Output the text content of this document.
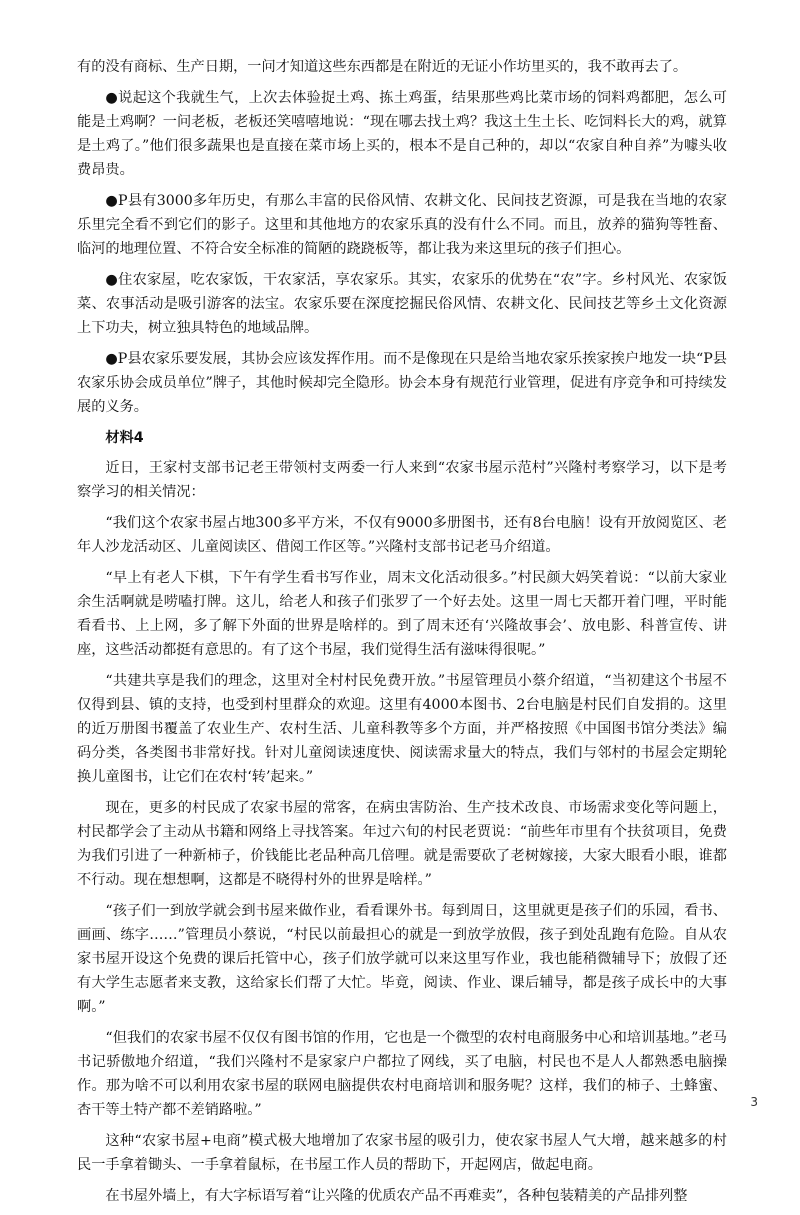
有的没有商标、生产日期，一问才知道这些东西都是在附近的无证小作坊里买的，我不敢再去了。

●说起这个我就生气，上次去体验捉土鸡、拣土鸡蛋，结果那些鸡比菜市场的饲料鸡都肥，怎么可能是土鸡啊？一问老板，老板还笑嘻嘻地说：“现在哪去找土鸡？我这土生土长、吃饲料长大的鸡，就算是土鸡了。”他们很多蔬果也是直接在菜市场上买的，根本不是自己种的，却以“农家自种自养”为噱头收费昂贵。

●P县有3000多年历史，有那么丰富的民俗风情、农耕文化、民间技艺资源，可是我在当地的农家乐里完全看不到它们的影子。这里和其他地方的农家乐真的没有什么不同。而且，放养的猫狗等牲畜、临河的地理位置、不符合安全标准的简陋的跷跷板等，都让我为来这里玩的孩子们担心。

●住农家屋，吃农家饭，干农家活，享农家乐。其实，农家乐的优势在“农”字。乡村风光、农家饭菜、农事活动是吸引游客的法宝。农家乐要在深度挖掘民俗风情、农耕文化、民间技艺等乡土文化资源上下功夫，树立独具特色的地域品牌。

●P县农家乐要发展，其协会应该发挥作用。而不是像现在只是给当地农家乐挨家挨户地发一块“P县农家乐协会成员单位”牌子，其他时候却完全隐形。协会本身有规范行业管理，促进有序竞争和可持续发展的义务。

材料4

近日，王家村支部书记老王带领村支两委一行人来到“农家书屋示范村”兴隆村考察学习，以下是考察学习的相关情况：

“我们这个农家书屋占地300多平方米，不仅有9000多册图书，还有8台电脑！设有开放阅览区、老年人沙龙活动区、儿童阅读区、借阅工作区等。”兴隆村支部书记老马介绍道。

“早上有老人下棋，下午有学生看书写作业，周末文化活动很多。”村民颜大妈笑着说：“以前大家业余生活啊就是唠嗑打牌。这儿，给老人和孩子们张罗了一个好去处。这里一周七天都开着门哩，平时能看看书、上上网，多了解下外面的世界是啥样的。到了周末还有‘兴隆故事会’、放电影、科普宣传、讲座，这些活动都挺有意思的。有了这个书屋，我们觉得生活有滋味得很呢。”

“共建共享是我们的理念，这里对全村村民免费开放。”书屋管理员小蔡介绍道，“当初建这个书屋不仅得到县、镇的支持，也受到村里群众的欢迎。这里有4000本图书、2台电脑是村民们自发捐的。这里的近万册图书覆盖了农业生产、农村生活、儿童科教等多个方面，并严格按照《中国图书馆分类法》编码分类，各类图书非常好找。针对儿童阅读速度快、阅读需求量大的特点，我们与邻村的书屋会定期轮换儿童图书，让它们在农村‘转’起来。”

现在，更多的村民成了农家书屋的常客，在病虫害防治、生产技术改良、市场需求变化等问题上，村民都学会了主动从书籍和网络上寻找答案。年过六旬的村民老贾说：“前些年市里有个扶贫项目，免费为我们引进了一种新柿子，价钱能比老品种高几倍哩。就是需要砍了老树嫁接，大家大眼看小眼，谁都不行动。现在想想啊，这都是不晓得村外的世界是啥样。”

“孩子们一到放学就会到书屋来做作业，看看课外书。每到周日，这里就更是孩子们的乐园，看书、画画、练字……”管理员小蔡说，“村民以前最担心的就是一到放学放假，孩子到处乱跑有危险。自从农家书屋开设这个免费的课后托管中心，孩子们放学就可以来这里写作业，我也能稍微辅导下；放假了还有大学生志愿者来支教，这给家长们帮了大忙。毕竟，阅读、作业、课后辅导，都是孩子成长中的大事啊。”

“但我们的农家书屋不仅仅有图书馆的作用，它也是一个微型的农村电商服务中心和培训基地。”老马书记骄傲地介绍道，“我们兴隆村不是家家户户都拉了网线，买了电脑，村民也不是人人都熟悉电脑操作。那为啥不可以利用农家书屋的联网电脑提供农村电商培训和服务呢？这样，我们的柿子、土蜂蜜、杏干等土特产都不差销路啦。”

这种“农家书屋+电商”模式极大地增加了农家书屋的吸引力，使农家书屋人气大增，越来越多的村民一手拿着锄头、一手拿着鼠标，在书屋工作人员的帮助下，开起网店，做起电商。

在书屋外墙上，有大字标语写着“让兴隆的优质农产品不再难卖”，各种包装精美的产品排列整

3
